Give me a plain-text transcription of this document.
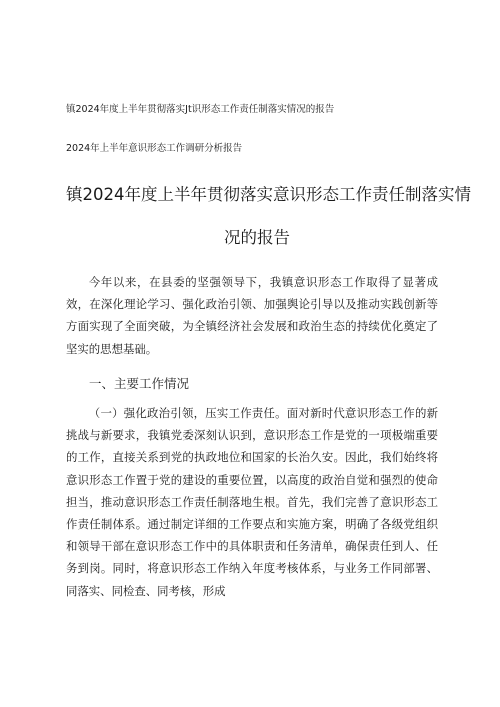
镇2024年度上半年贯彻落实Jt识形态工作责任制落实情况的报告
2024年上半年意识形态工作调研分析报告
镇2024年度上半年贯彻落实意识形态工作责任制落实情
况的报告

今年以来，在县委的坚强领导下，我镇意识形态工作取得了显著成效，在深化理论学习、强化政治引领、加强舆论引导以及推动实践创新等方面实现了全面突破，为全镇经济社会发展和政治生态的持续优化奠定了坚实的思想基础。

一、主要工作情况

（一）强化政治引领，压实工作责任。面对新时代意识形态工作的新挑战与新要求，我镇党委深刻认识到，意识形态工作是党的一项极端重要的工作，直接关系到党的执政地位和国家的长治久安。因此，我们始终将意识形态工作置于党的建设的重要位置，以高度的政治自觉和强烈的使命担当，推动意识形态工作责任制落地生根。首先，我们完善了意识形态工作责任制体系。通过制定详细的工作要点和实施方案，明确了各级党组织和领导干部在意识形态工作中的具体职责和任务清单，确保责任到人、任务到岗。同时，将意识形态工作纳入年度考核体系，与业务工作同部署、同落实、同检查、同考核，形成
